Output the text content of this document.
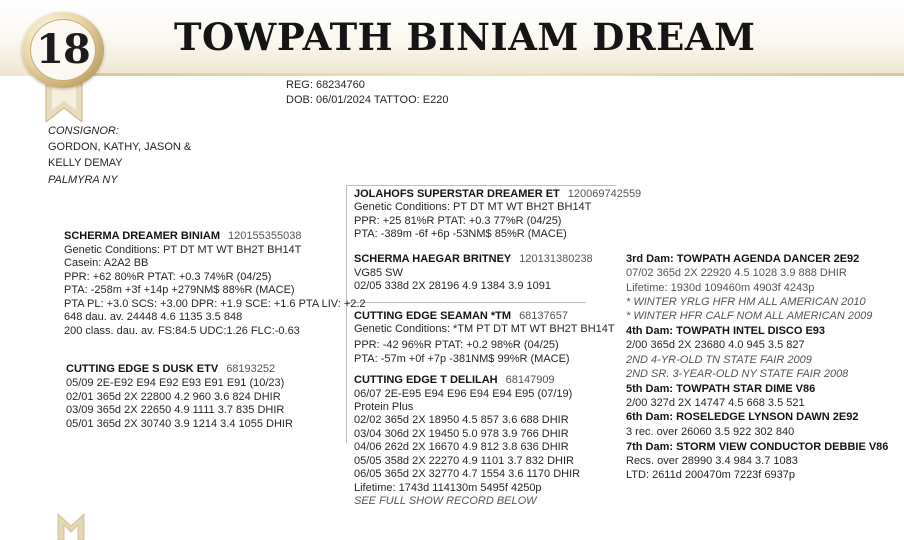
18 TOWPATH BINIAM DREAM
REG: 68234760
DOB: 06/01/2024 TATTOO: E220
CONSIGNOR:
GORDON, KATHY, JASON &
KELLY DEMAY
PALMYRA NY
SCHERMA DREAMER BINIAM 120155355038
Genetic Conditions: PT DT MT WT BH2T BH14T
Casein: A2A2 BB
PPR: +62 80%R PTAT: +0.3 74%R (04/25)
PTA: -258m +3f +14p +279NM$ 88%R (MACE)
PTA PL: +3.0 SCS: +3.00 DPR: +1.9 SCE: +1.6 PTA LIV: +2.2
648 dau. av. 24448 4.6 1135 3.5 848
200 class. dau. av. FS:84.5 UDC:1.26 FLC:-0.63
JOLAHOFS SUPERSTAR DREAMER ET 120069742559
Genetic Conditions: PT DT MT WT BH2T BH14T
PPR: +25 81%R PTAT: +0.3 77%R (04/25)
PTA: -389m -6f +6p -53NM$ 85%R (MACE)
SCHERMA HAEGAR BRITNEY 120131380238
VG85 SW
02/05 338d 2X 28196 4.9 1384 3.9 1091
CUTTING EDGE S DUSK ETV 68193252
05/09 2E-E92 E94 E92 E93 E91 E91 (10/23)
02/01 365d 2X 22800 4.2 960 3.6 824 DHIR
03/09 365d 2X 22650 4.9 1111 3.7 835 DHIR
05/01 365d 2X 30740 3.9 1214 3.4 1055 DHIR
CUTTING EDGE SEAMAN *TM 68137657
Genetic Conditions: *TM PT DT MT WT BH2T BH14T
PPR: -42 96%R PTAT: +0.2 98%R (04/25)
PTA: -57m +0f +7p -381NM$ 99%R (MACE)
CUTTING EDGE T DELILAH 68147909
06/07 2E-E95 E94 E96 E94 E94 E95 (07/19)
Protein Plus
02/02 365d 2X 18950 4.5 857 3.6 688 DHIR
03/04 306d 2X 19450 5.0 978 3.9 766 DHIR
04/06 262d 2X 16670 4.9 812 3.8 636 DHIR
05/05 358d 2X 22270 4.9 1101 3.7 832 DHIR
06/05 365d 2X 32770 4.7 1554 3.6 1170 DHIR
Lifetime: 1743d 114130m 5495f 4250p
SEE FULL SHOW RECORD BELOW
3rd Dam: TOWPATH AGENDA DANCER 2E92
07/02 365d 2X 22920 4.5 1028 3.9 888 DHIR
Lifetime: 1930d 109460m 4903f 4243p
* WINTER YRLG HFR HM ALL AMERICAN 2010
* WINTER HFR CALF NOM ALL AMERICAN 2009
4th Dam: TOWPATH INTEL DISCO E93
2/00 365d 2X 23680 4.0 945 3.5 827
2ND 4-YR-OLD TN STATE FAIR 2009
2ND SR. 3-YEAR-OLD NY STATE FAIR 2008
5th Dam: TOWPATH STAR DIME V86
2/00 327d 2X 14747 4.5 668 3.5 521
6th Dam: ROSELEDGE LYNSON DAWN 2E92
3 rec. over 26060 3.5 922 302 840
7th Dam: STORM VIEW CONDUCTOR DEBBIE V86
Recs. over 28990 3.4 984 3.7 1083
LTD: 2611d 200470m 7223f 6937p
